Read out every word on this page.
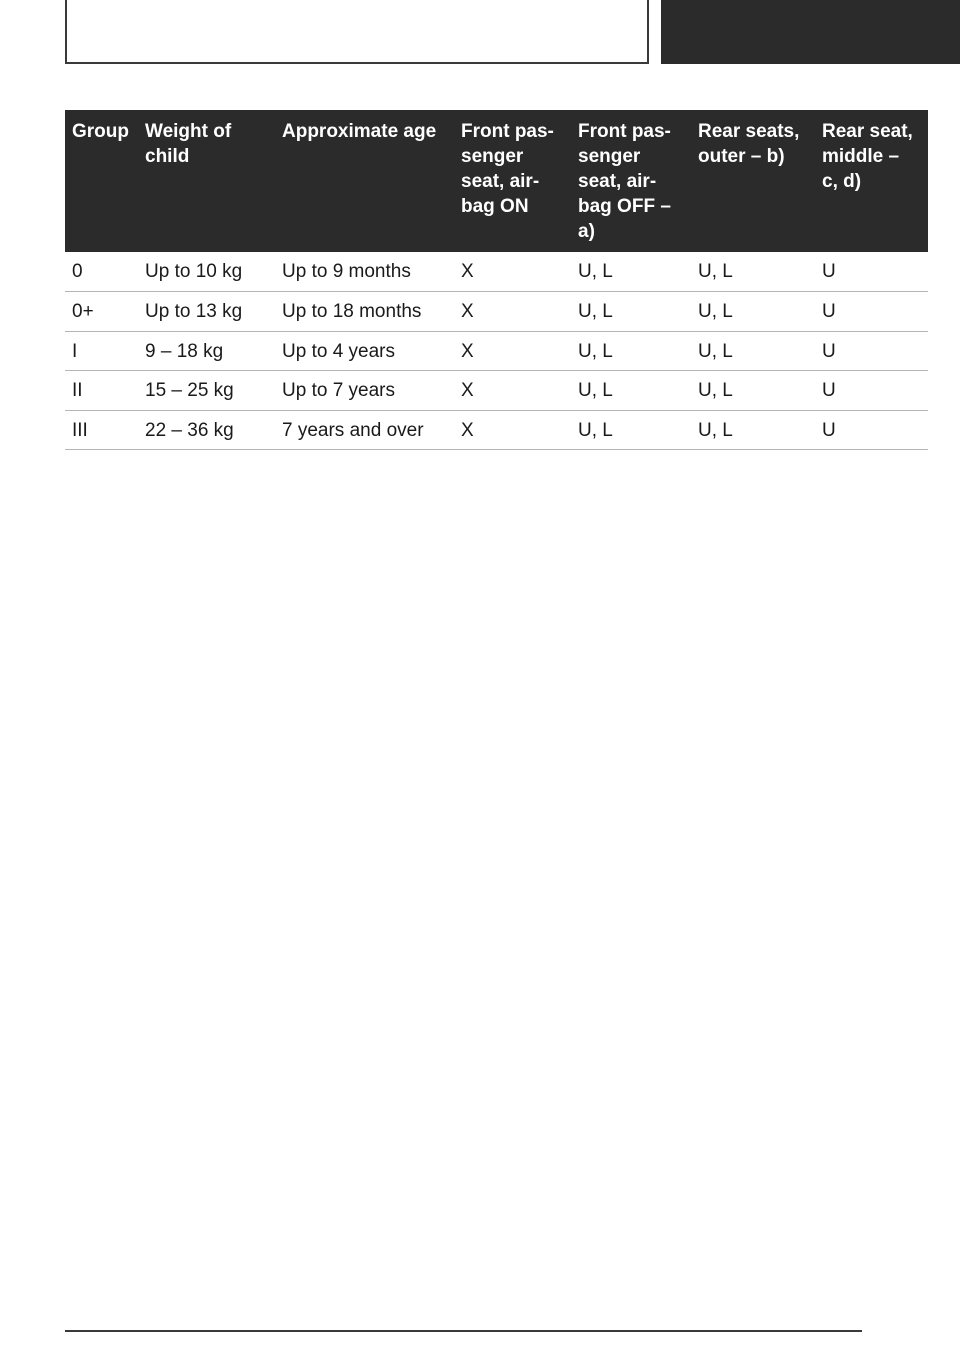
Group	Weight of child	Approximate age	Front pas-
senger
seat, air-
bag ON	Front pas-
senger
seat, air-
bag OFF –
a)	Rear seats,
outer – b)	Rear seat,
middle –
c, d)
0	Up to 10 kg	Up to 9 months	X	U, L	U, L	U
0+	Up to 13 kg	Up to 18 months	X	U, L	U, L	U
I	9 – 18 kg	Up to 4 years	X	U, L	U, L	U
II	15 – 25 kg	Up to 7 years	X	U, L	U, L	U
III	22 – 36 kg	7 years and over	X	U, L	U, L	U
